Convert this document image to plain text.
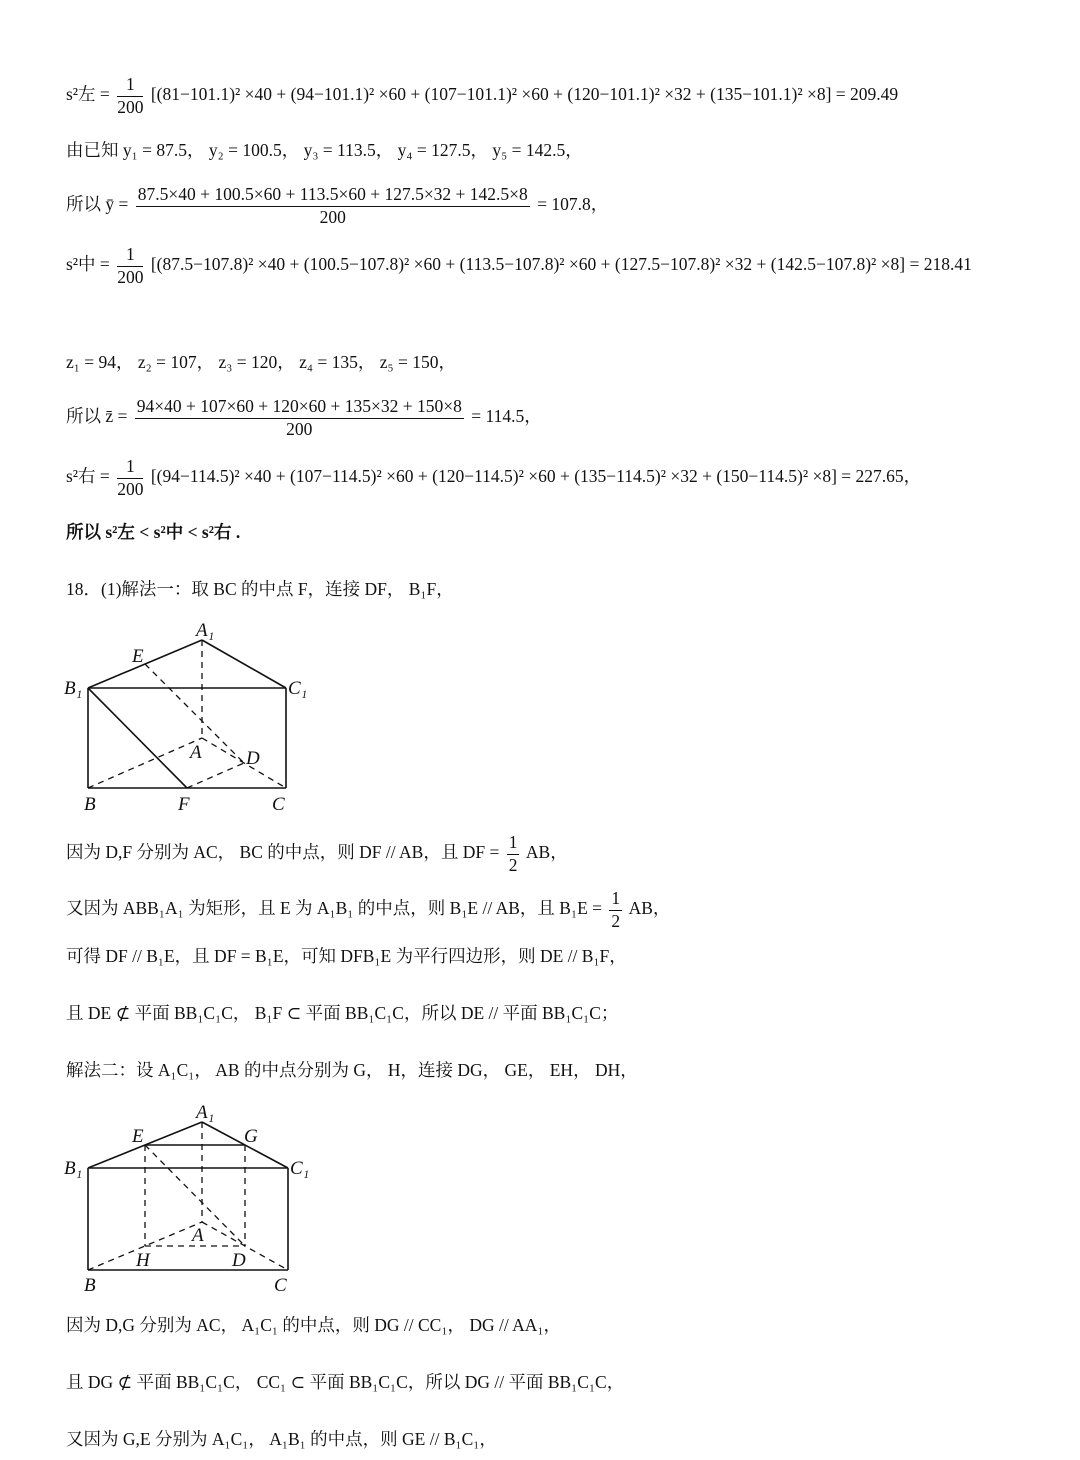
s²左 = $\frac{1}{200} [(81-101.1)^2 \times 40 + (94-101.1)^2 \times 60 + (107-101.1)^2 \times 60 + (120-101.1)^2 \times 32 + (135-101.1)^2 \times 8] = 209.49$
由已知 y₁ = 87.5， y₂ = 100.5， y₃ = 113.5， y₄ = 127.5， y₅ = 142.5，
所以 ȳ = $\frac{87.5\times 40 + 100.5\times 60 + 113.5\times 60 + 127.5\times 32 + 142.5\times 8}{200} = 107.8$，
s²中 = $\frac{1}{200} [(87.5-107.8)^2 \times 40 + (100.5-107.8)^2 \times 60 + (113.5-107.8)^2 \times 60 + (127.5-107.8)^2 \times 32 + (142.5-107.8)^2 \times 8] = 218.41$
z₁ = 94， z₂ = 107， z₃ = 120， z₄ = 135， z₅ = 150，
所以 z̄ = $\frac{94\times 40 + 107\times 60 + 120\times 60 + 135\times 32 + 150\times 8}{200} = 114.5$，
s²右 = $\frac{1}{200} [(94-114.5)^2 \times 40 + (107-114.5)^2 \times 60 + (120-114.5)^2 \times 60 + (135-114.5)^2 \times 32 + (150-114.5)^2 \times 8] = 227.65$，
所以 s²左 < s²中 < s²右 .
18．(1)解法一：取 BC 的中点 F，连接 DF， B₁F，
A₁
E
B₁	C₁
A D
B	F	C
因为 D,F 分别为 AC， BC 的中点，则 DF // AB，且 DF = $\frac{1}{2}$ AB，
又因为 ABB₁A₁ 为矩形，且 E 为 A₁B₁ 的中点，则 B₁E // AB，且 $B_1E = \frac{1}{2}$ AB，
可得 DF // B₁E，且 DF = B₁E，可知 DFB₁E 为平行四边形，则 DE // B₁F，
且 DE ⊄ 平面 BB₁C₁C， B₁F ⊂ 平面 BB₁C₁C，所以 DE // 平面 BB₁C₁C；
解法二：设 A₁C₁， AB 的中点分别为 G， H，连接 DG， GE， EH， DH，
A₁
E	G
B₁	C₁
A
H	D
B	C
因为 D,G 分别为 AC， A₁C₁ 的中点，则 DG // CC₁， DG // AA₁，
且 DG ⊄ 平面 BB₁C₁C， CC₁ ⊂ 平面 BB₁C₁C，所以 DG // 平面 BB₁C₁C，
又因为 G,E 分别为 A₁C₁， A₁B₁ 的中点，则 GE // B₁C₁，
